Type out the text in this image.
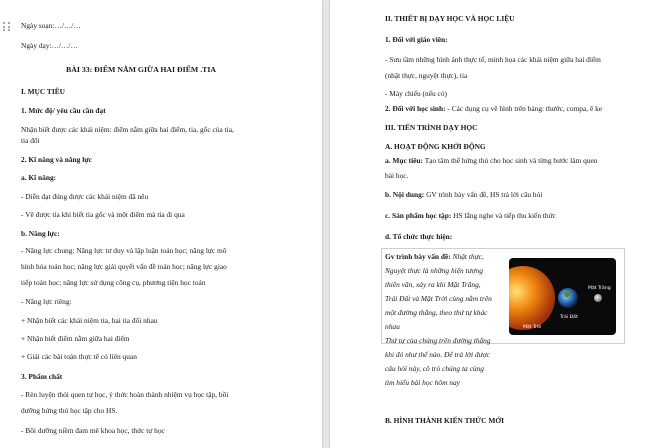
Ngày soạn:…/…/…
Ngày dạy:…/…/…
BÀI 33: ĐIỂM NẰM GIỮA HAI ĐIỂM .TIA
I. MỤC TIÊU
1. Mức độ/ yêu cầu cần đạt
Nhận biết được các khái niệm: điểm nằm giữa hai điểm, tia, gốc của tia,
tia đối
2. Kĩ năng và năng lực
a. Kĩ năng:
- Diễn đạt đúng được các khái niệm đã nêu
- Vẽ được tia khi biết tia gốc và một điểm mà tia đi qua
b. Năng lực:
- Năng lực chung: Năng lực tư duy và lập luận toán học; năng lực mô
hình hóa toán học; năng lực giải quyết vấn đề toán học; năng lực giao
tiếp toán học; năng lực sử dụng công cụ, phương tiện học toán
- Năng lực riêng:
+ Nhận biết các khái niệm tia, hai tia đối nhau
+ Nhận biết điểm nằm giữa hai điểm
+ Giải các bài toán thực tế có liên quan
3. Phẩm chất
- Rèn luyện thói quen tự học, ý thức hoàn thành nhiệm vụ học tập, bồi
dưỡng hứng thú học tập cho HS.
- Bồi dưỡng niềm đam mê khoa học, thức tự học
II. THIẾT BỊ DẠY HỌC VÀ HỌC LIỆU
1. Đối với giáo viên:
- Sưu tầm những hình ảnh thực tế, minh họa các khái niệm giữa hai điểm
(nhật thực, nguyệt thực), tia
- Máy chiếu (nếu có)
2. Đối với học sinh: - Các dụng cụ vẽ hình trên bảng: thước, compa, ê ke
III. TIẾN TRÌNH DẠY HỌC
A. HOẠT ĐỘNG KHỞI ĐỘNG
a. Mục tiêu: Tạo tâm thế hứng thú cho học sinh và từng bước làm quen
bài học.
b. Nội dung: GV trình bày vấn đề, HS trả lời câu hỏi
c. Sản phẩm học tập: HS lắng nghe và tiếp thu kiến thức
d. Tổ chức thực hiện:
Gv trình bày vấn đề: Nhật thực,
Nguyệt thực là những hiện tượng
thiên văn, xảy ra khi Mặt Trăng,
Trái Đất và Mặt Trời cùng nằm trên
một đường thẳng, theo thứ tự khác
nhau
Thứ tự của chúng trên đường thẳng
khi đó như thế nào. Để trả lời được
câu hỏi này, cô trò chúng ta cùng
tìm hiểu bài học hôm nay
Mặt Trời
Trái Đất
Mặt Trăng
B. HÌNH THÀNH KIẾN THỨC MỚI
